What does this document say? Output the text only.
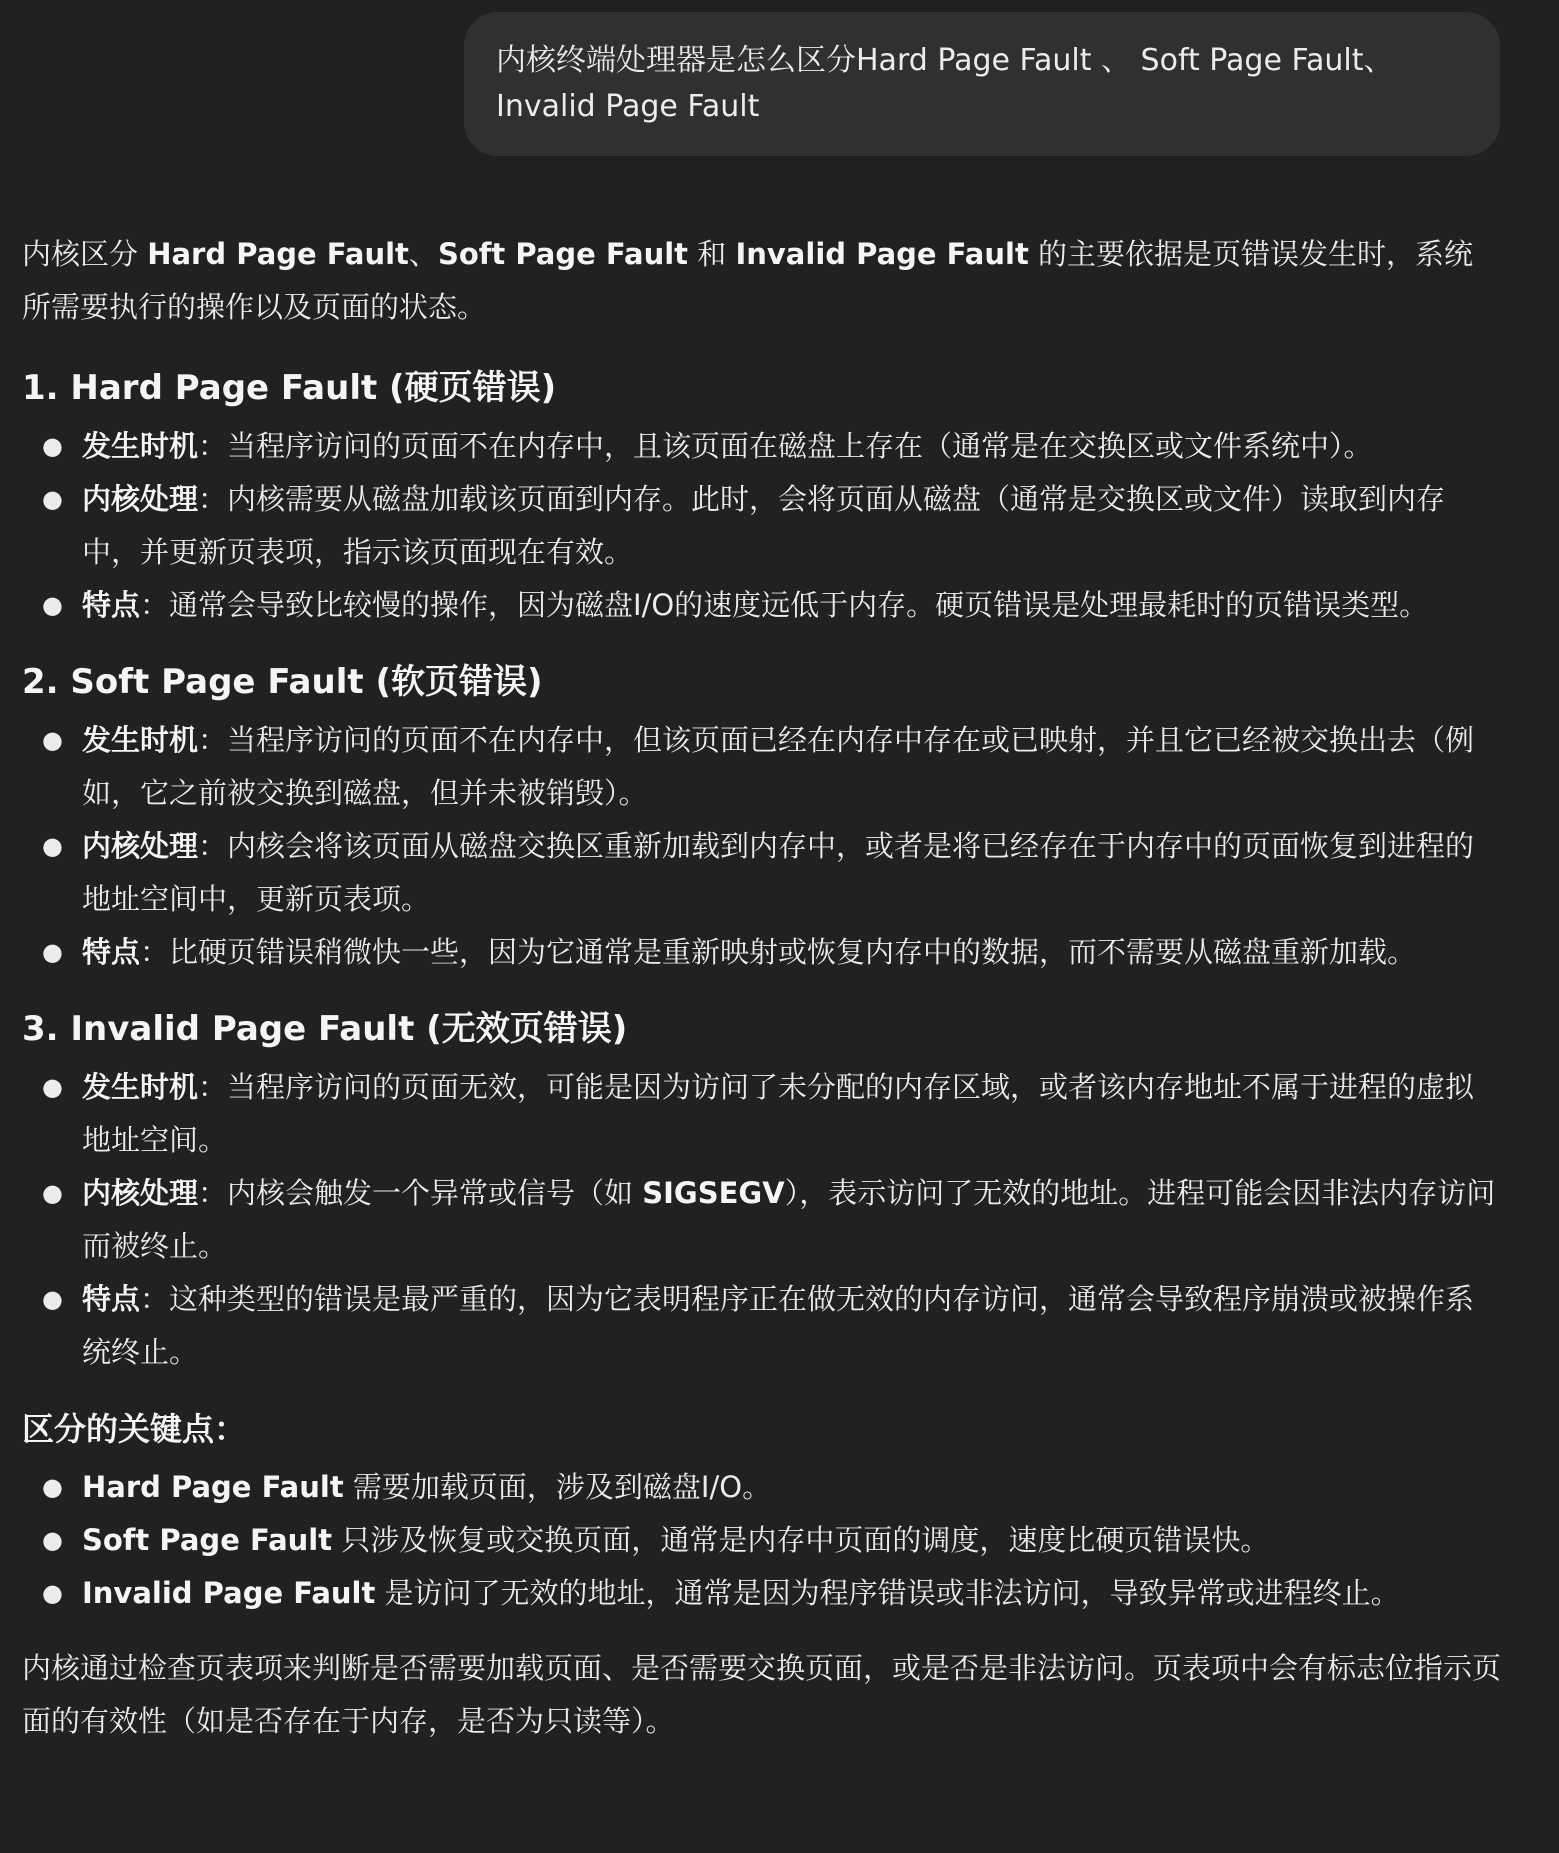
内核终端处理器是怎么区分Hard Page Fault 、 Soft Page Fault、Invalid Page Fault

内核区分 Hard Page Fault、Soft Page Fault 和 Invalid Page Fault 的主要依据是页错误发生时，系统所需要执行的操作以及页面的状态。

1. Hard Page Fault (硬页错误)
● 发生时机：当程序访问的页面不在内存中，且该页面在磁盘上存在（通常是在交换区或文件系统中）。
● 内核处理：内核需要从磁盘加载该页面到内存。此时，会将页面从磁盘（通常是交换区或文件）读取到内存中，并更新页表项，指示该页面现在有效。
● 特点：通常会导致比较慢的操作，因为磁盘I/O的速度远低于内存。硬页错误是处理最耗时的页错误类型。
2. Soft Page Fault (软页错误)
● 发生时机：当程序访问的页面不在内存中，但该页面已经在内存中存在或已映射，并且它已经被交换出去（例如，它之前被交换到磁盘，但并未被销毁）。
● 内核处理：内核会将该页面从磁盘交换区重新加载到内存中，或者是将已经存在于内存中的页面恢复到进程的地址空间中，更新页表项。
● 特点：比硬页错误稍微快一些，因为它通常是重新映射或恢复内存中的数据，而不需要从磁盘重新加载。
3. Invalid Page Fault (无效页错误)
● 发生时机：当程序访问的页面无效，可能是因为访问了未分配的内存区域，或者该内存地址不属于进程的虚拟地址空间。
● 内核处理：内核会触发一个异常或信号（如 SIGSEGV），表示访问了无效的地址。进程可能会因非法内存访问而被终止。
● 特点：这种类型的错误是最严重的，因为它表明程序正在做无效的内存访问，通常会导致程序崩溃或被操作系统终止。

区分的关键点：

● Hard Page Fault 需要加载页面，涉及到磁盘I/O。
● Soft Page Fault 只涉及恢复或交换页面，通常是内存中页面的调度，速度比硬页错误快。
● Invalid Page Fault 是访问了无效的地址，通常是因为程序错误或非法访问，导致异常或进程终止。

内核通过检查页表项来判断是否需要加载页面、是否需要交换页面，或是否是非法访问。页表项中会有标志位指示页面的有效性（如是否存在于内存，是否为只读等）。
